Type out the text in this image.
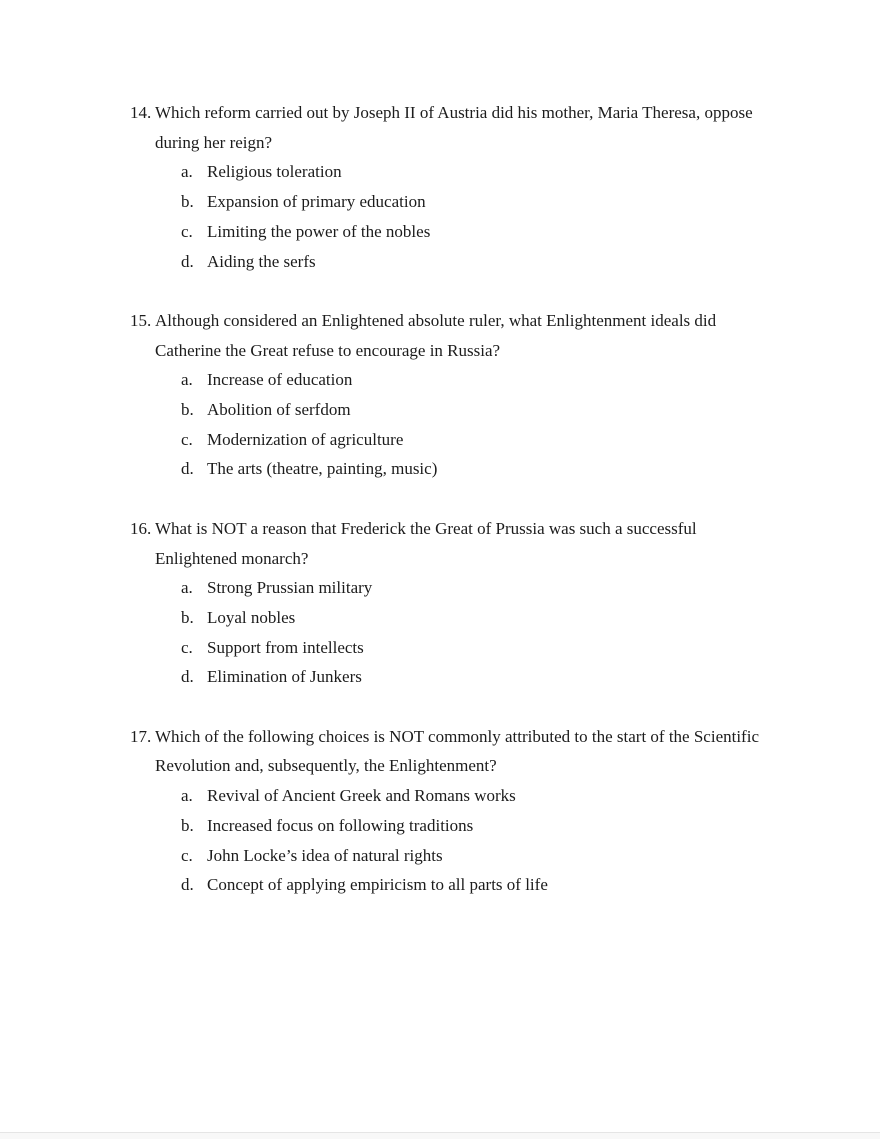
14. Which reform carried out by Joseph II of Austria did his mother, Maria Theresa, oppose

during her reign?

a. Religious toleration

b. Expansion of primary education

c. Limiting the power of the nobles

d. Aiding the serfs

15. Although considered an Enlightened absolute ruler, what Enlightenment ideals did

Catherine the Great refuse to encourage in Russia?

a. Increase of education

b. Abolition of serfdom

c. Modernization of agriculture

d. The arts (theatre, painting, music)

16. What is NOT a reason that Frederick the Great of Prussia was such a successful

Enlightened monarch?

a. Strong Prussian military

b. Loyal nobles

c. Support from intellects

d. Elimination of Junkers

17. Which of the following choices is NOT commonly attributed to the start of the Scientific

Revolution and, subsequently, the Enlightenment?

a. Revival of Ancient Greek and Romans works

b. Increased focus on following traditions

c. John Locke’s idea of natural rights

d. Concept of applying empiricism to all parts of life
